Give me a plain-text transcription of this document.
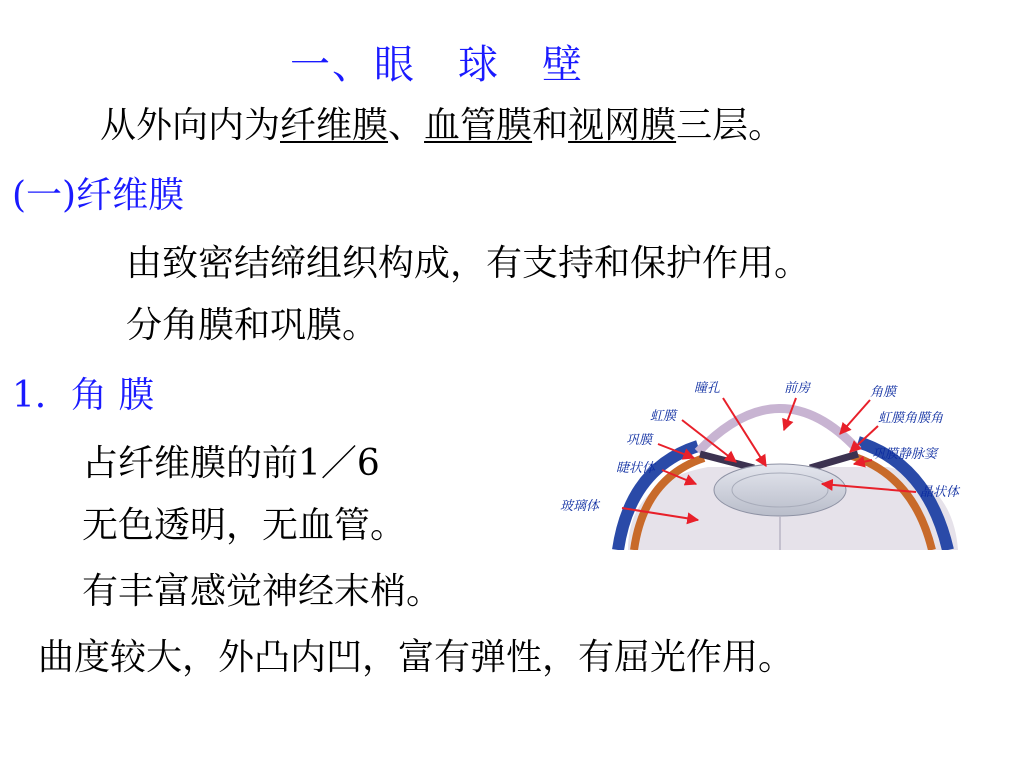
一、眼　球　壁
从外向内为纤维膜、血管膜和视网膜三层。
(一)纤维膜
由致密结缔组织构成，有支持和保护作用。
分角膜和巩膜。
1．角 膜
占纤维膜的前1／6
无色透明，无血管。
有丰富感觉神经末梢。
曲度较大，外凸内凹，富有弹性，有屈光作用。
瞳孔	前房	角膜
虹膜	虹膜角膜角
巩膜
巩膜静脉窦
睫状体
晶状体
玻璃体
